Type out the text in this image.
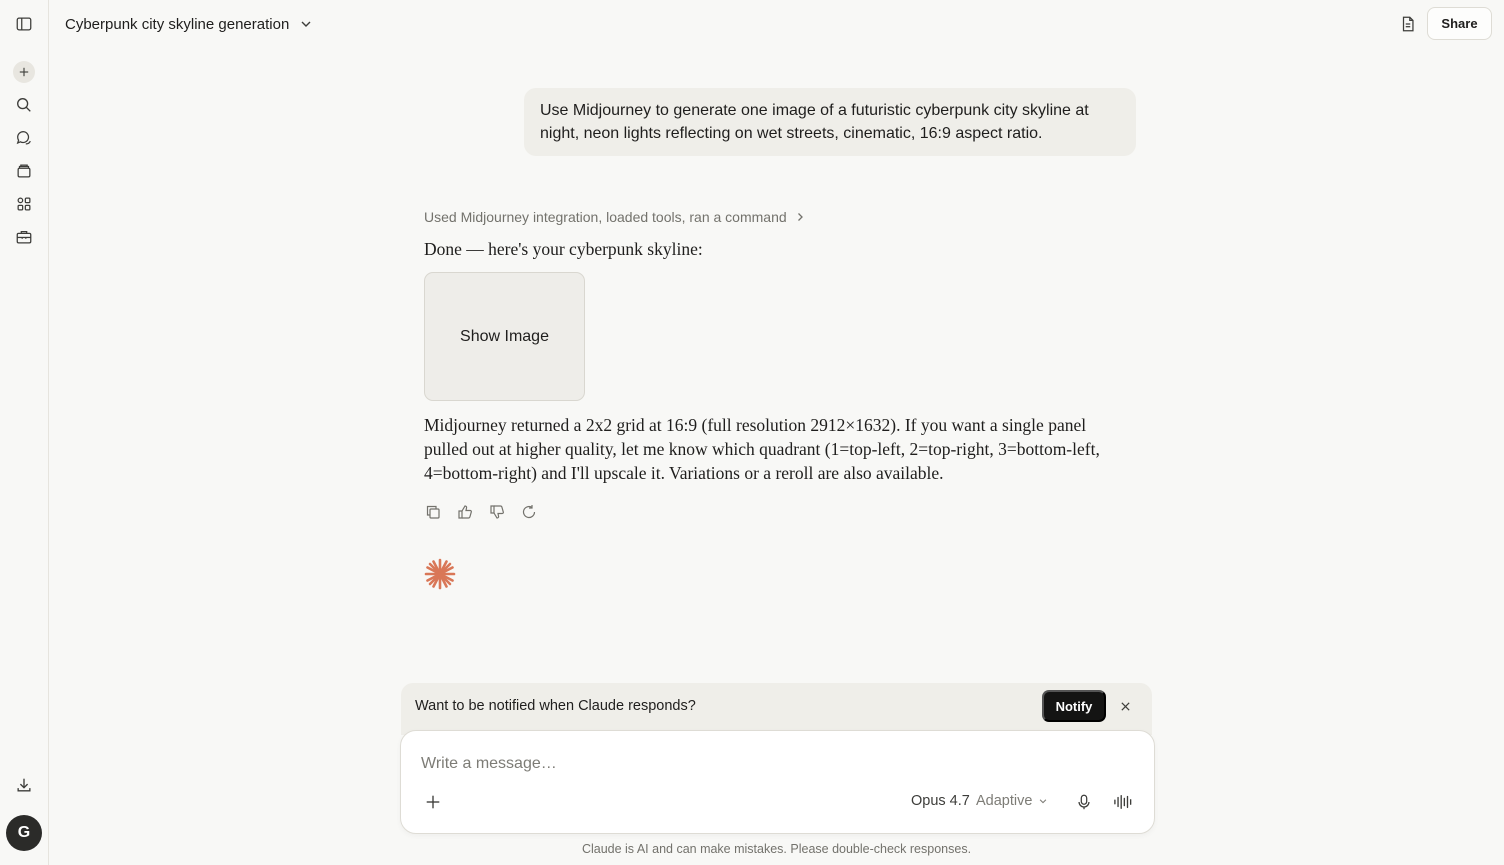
G
Cyberpunk city skyline generation	Share
Use Midjourney to generate one image of a futuristic cyberpunk city skyline at night, neon lights reflecting on wet streets, cinematic, 16:9 aspect ratio.
Used Midjourney integration, loaded tools, ran a command
Done — here's your cyberpunk skyline:
Show Image
Midjourney returned a 2x2 grid at 16:9 (full resolution 2912×1632). If you want a single panel pulled out at higher quality, let me know which quadrant (1=top-left, 2=top-right, 3=bottom-left, 4=bottom-right) and I'll upscale it. Variations or a reroll are also available.
Want to be notified when Claude responds?	Notify
Write a message…
Opus 4.7 Adaptive
Claude is AI and can make mistakes. Please double-check responses.
